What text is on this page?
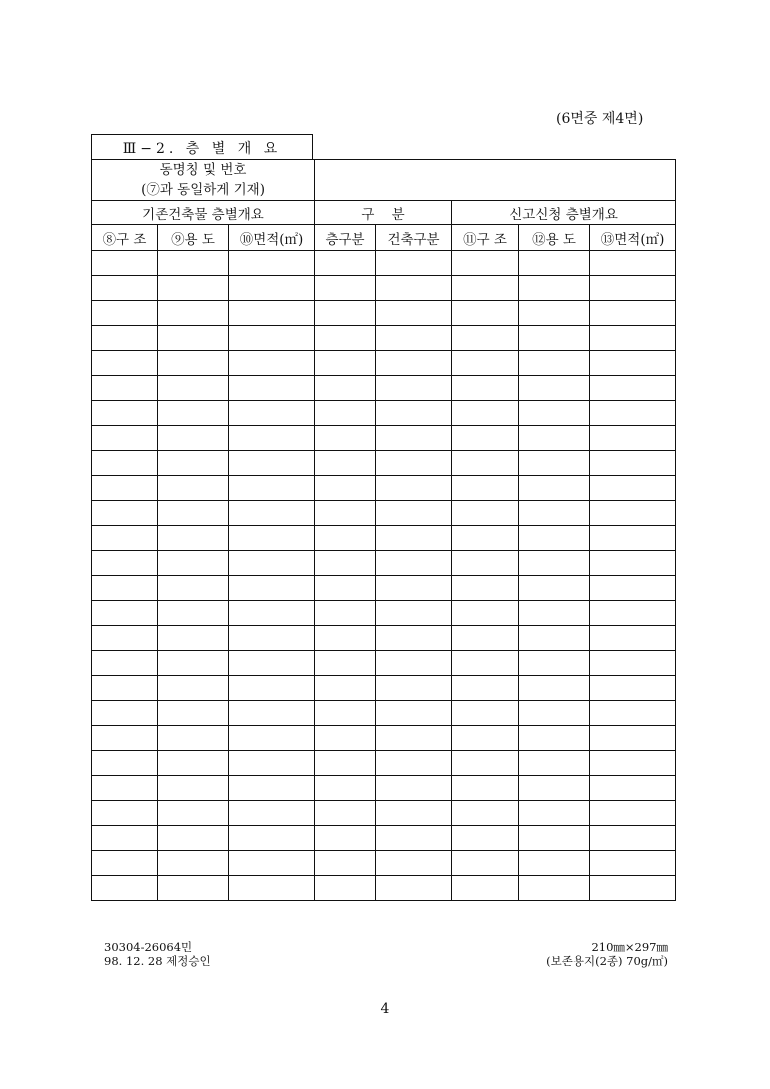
(6면중 제4면)
Ⅲ−2. 층 별 개 요
동명칭 및 번호
(⑦과 동일하게 기재)							

기존건축물 층별개요			구    분		신고신청 층별개요		
⑧구 조	⑨용 도	⑩면적(㎡)	층구분	건축구분	⑪구 조	⑫용 도	⑬면적(㎡)

30304-26064민
98. 12. 28 제정승인
210㎜×297㎜
(보존용지(2종) 70g/㎡)
4
